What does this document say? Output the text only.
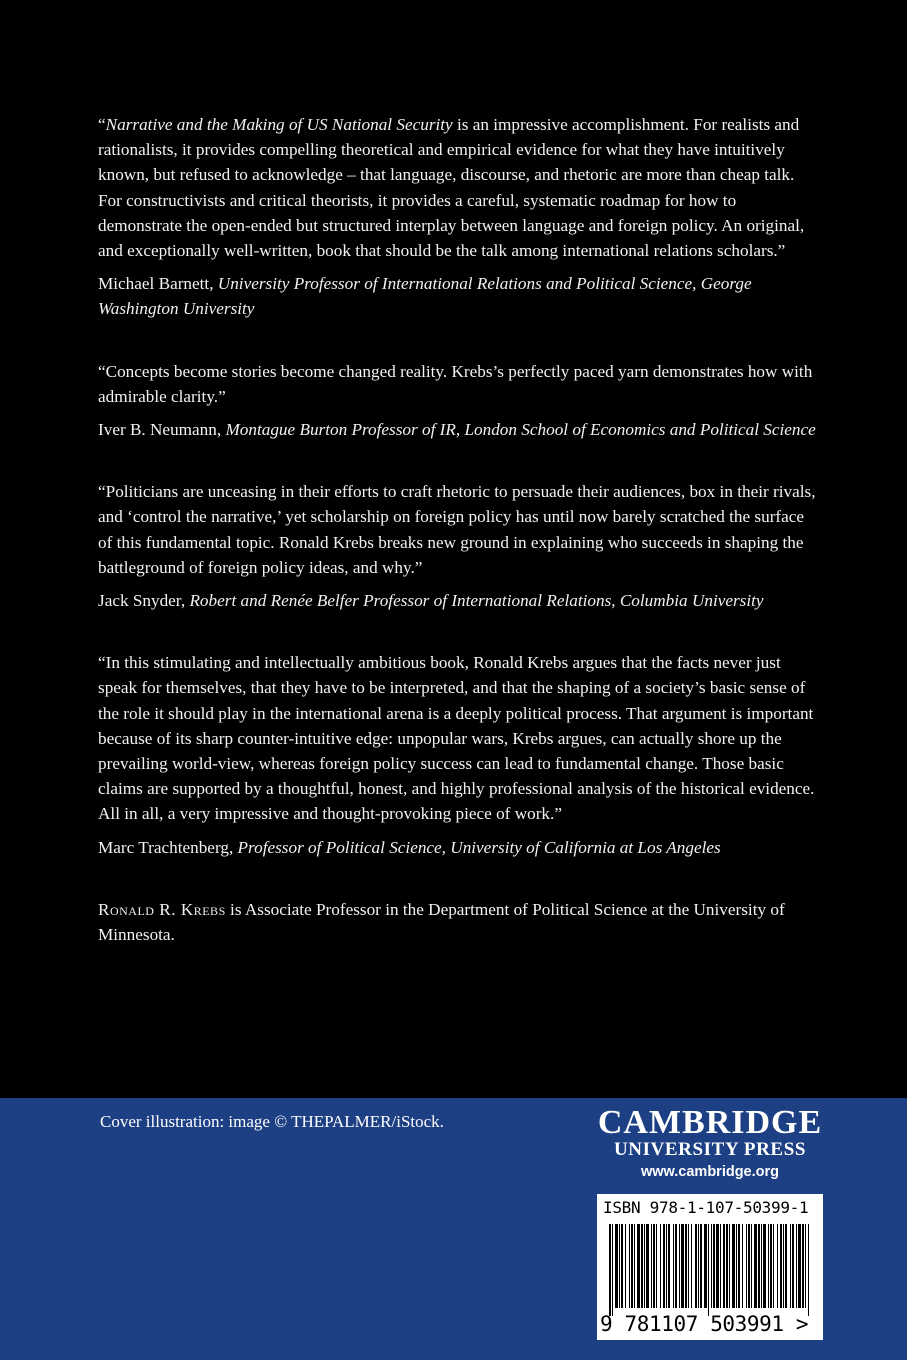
“Narrative and the Making of US National Security is an impressive accomplishment. For realists and rationalists, it provides compelling theoretical and empirical evidence for what they have intuitively known, but refused to acknowledge – that language, discourse, and rhetoric are more than cheap talk. For constructivists and critical theorists, it provides a careful, systematic roadmap for how to demonstrate the open-ended but structured interplay between language and foreign policy. An original, and exceptionally well-written, book that should be the talk among international relations scholars.”

Michael Barnett, University Professor of International Relations and Political Science, George Washington University

“Concepts become stories become changed reality. Krebs’s perfectly paced yarn demonstrates how with admirable clarity.”

Iver B. Neumann, Montague Burton Professor of IR, London School of Economics and Political Science

“Politicians are unceasing in their efforts to craft rhetoric to persuade their audiences, box in their rivals, and ‘control the narrative,’ yet scholarship on foreign policy has until now barely scratched the surface of this fundamental topic. Ronald Krebs breaks new ground in explaining who succeeds in shaping the battleground of foreign policy ideas, and why.”

Jack Snyder, Robert and Renée Belfer Professor of International Relations, Columbia University

“In this stimulating and intellectually ambitious book, Ronald Krebs argues that the facts never just speak for themselves, that they have to be interpreted, and that the shaping of a society’s basic sense of the role it should play in the international arena is a deeply political process. That argument is important because of its sharp counter-intuitive edge: unpopular wars, Krebs argues, can actually shore up the prevailing world-view, whereas foreign policy success can lead to fundamental change. Those basic claims are supported by a thoughtful, honest, and highly professional analysis of the historical evidence. All in all, a very impressive and thought-provoking piece of work.”

Marc Trachtenberg, Professor of Political Science, University of California at Los Angeles

Ronald R. Krebs is Associate Professor in the Department of Political Science at the University of Minnesota.

Cover illustration: image © THEPALMER/iStock.	CAMBRIDGE
UNIVERSITY PRESS
www.cambridge.org
ISBN 978-1-107-50399-1
9 781107 503991 >
